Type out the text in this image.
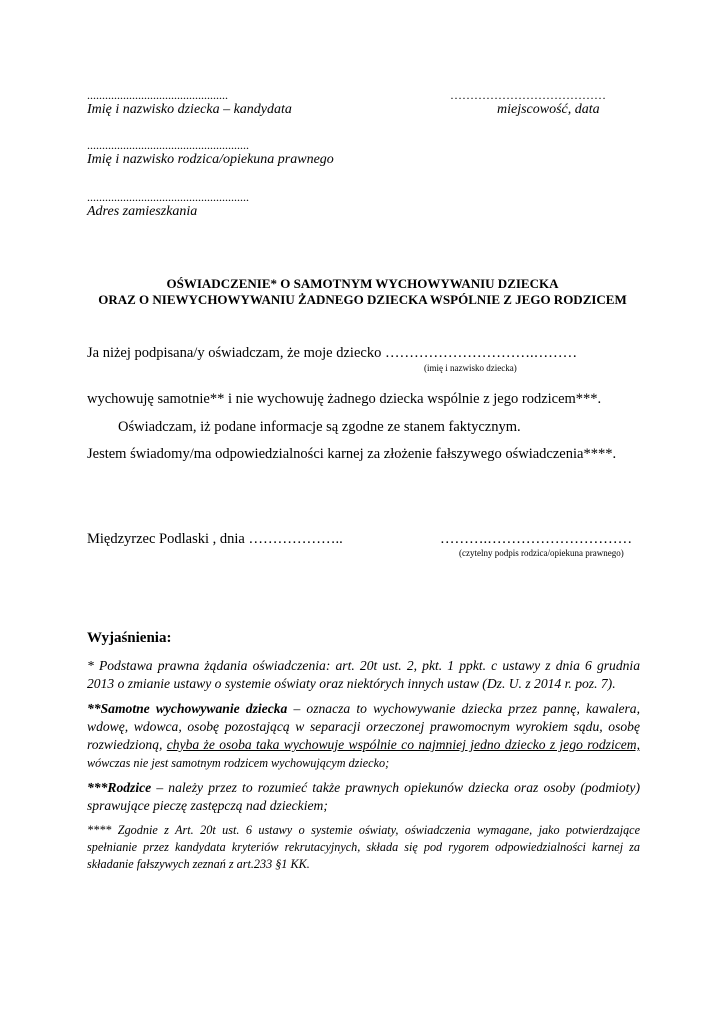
...............................................
Imię i nazwisko dziecka – kandydata
…………………………………
miejscowość, data
......................................................
Imię i nazwisko rodzica/opiekuna prawnego
......................................................
Adres zamieszkania
OŚWIADCZENIE* O SAMOTNYM WYCHOWYWANIU DZIECKA
ORAZ O NIEWYCHOWYWANIU ŻADNEGO DZIECKA WSPÓLNIE Z JEGO RODZICEM
Ja niżej podpisana/y oświadczam, że moje dziecko ………………………….………
(imię i nazwisko dziecka)
wychowuję samotnie** i nie wychowuję żadnego dziecka wspólnie z jego rodzicem***.
Oświadczam, iż podane informacje są zgodne ze stanem faktycznym.
Jestem świadomy/ma odpowiedzialności karnej za złożenie fałszywego oświadczenia****.
Międzyrzec Podlaski , dnia ………………..	……….…………………………
(czytelny podpis rodzica/opiekuna prawnego)
Wyjaśnienia:

* Podstawa prawna żądania oświadczenia: art. 20t ust. 2, pkt. 1 ppkt. c ustawy z dnia 6 grudnia 2013 o zmianie ustawy o systemie oświaty oraz niektórych innych ustaw (Dz. U. z 2014 r. poz. 7).

**Samotne wychowywanie dziecka – oznacza to wychowywanie dziecka przez pannę, kawalera, wdowę, wdowca, osobę pozostającą w separacji orzeczonej prawomocnym wyrokiem sądu, osobę rozwiedzioną, chyba że osoba taka wychowuje wspólnie co najmniej jedno dziecko z jego rodzicem, wówczas nie jest samotnym rodzicem wychowującym dziecko;

***Rodzice – należy przez to rozumieć także prawnych opiekunów dziecka oraz osoby (podmioty) sprawujące pieczę zastępczą nad dzieckiem;

**** Zgodnie z Art. 20t ust. 6 ustawy o systemie oświaty, oświadczenia wymagane, jako potwierdzające spełnianie przez kandydata kryteriów rekrutacyjnych, składa się pod rygorem odpowiedzialności karnej za składanie fałszywych zeznań z art.233 §1 KK.
